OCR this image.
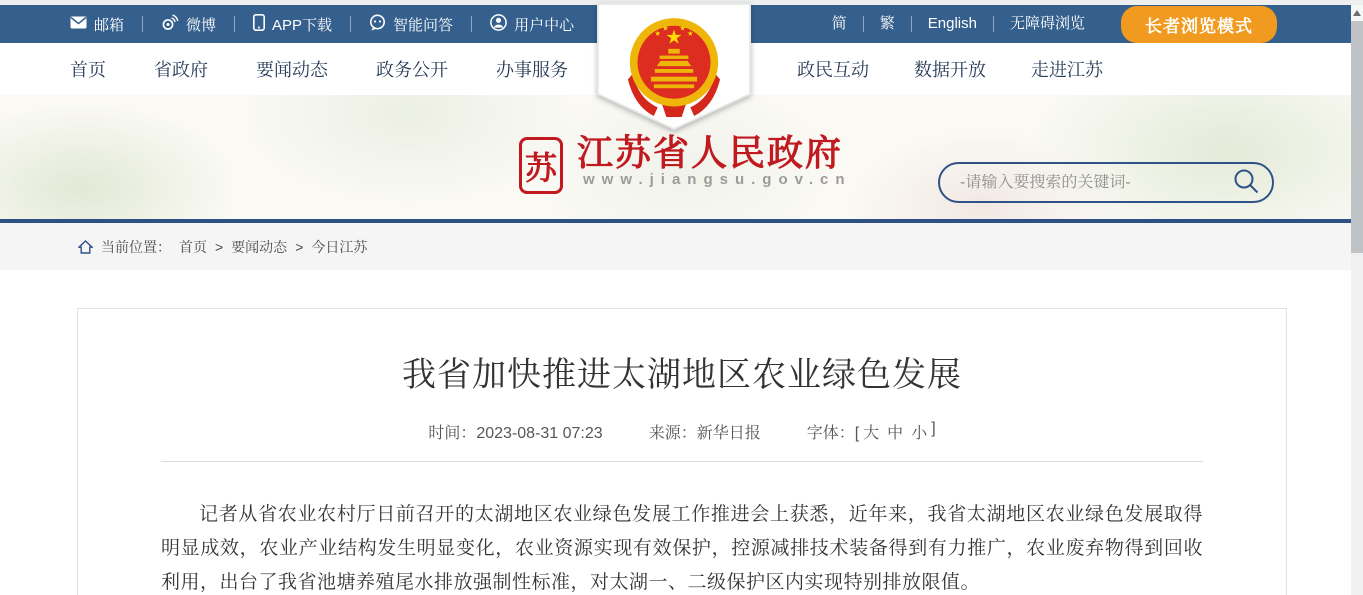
邮箱	微博	APP下载	智能问答	用户中心	简	繁	English	无障碍浏览	长者浏览模式
首页	省政府	要闻动态	政务公开	办事服务	政民互动	数据开放	走进江苏
苏 江苏省人民政府
www.jiangsu.gov.cn
-请输入要搜索的关键词-
当前位置： 首页 > 要闻动态 > 今日江苏
我省加快推进太湖地区农业绿色发展
时间：2023-08-31 07:23	来源：新华日报	字体：[ 大 中 小 ]

记者从省农业农村厅日前召开的太湖地区农业绿色发展工作推进会上获悉，近年来，我省太湖地区农业绿色发展取得明显成效，农业产业结构发生明显变化，农业资源实现有效保护，控源减排技术装备得到有力推广，农业废弃物得到回收利用，出台了我省池塘养殖尾水排放强制性标准，对太湖一、二级保护区内实现特别排放限值。
